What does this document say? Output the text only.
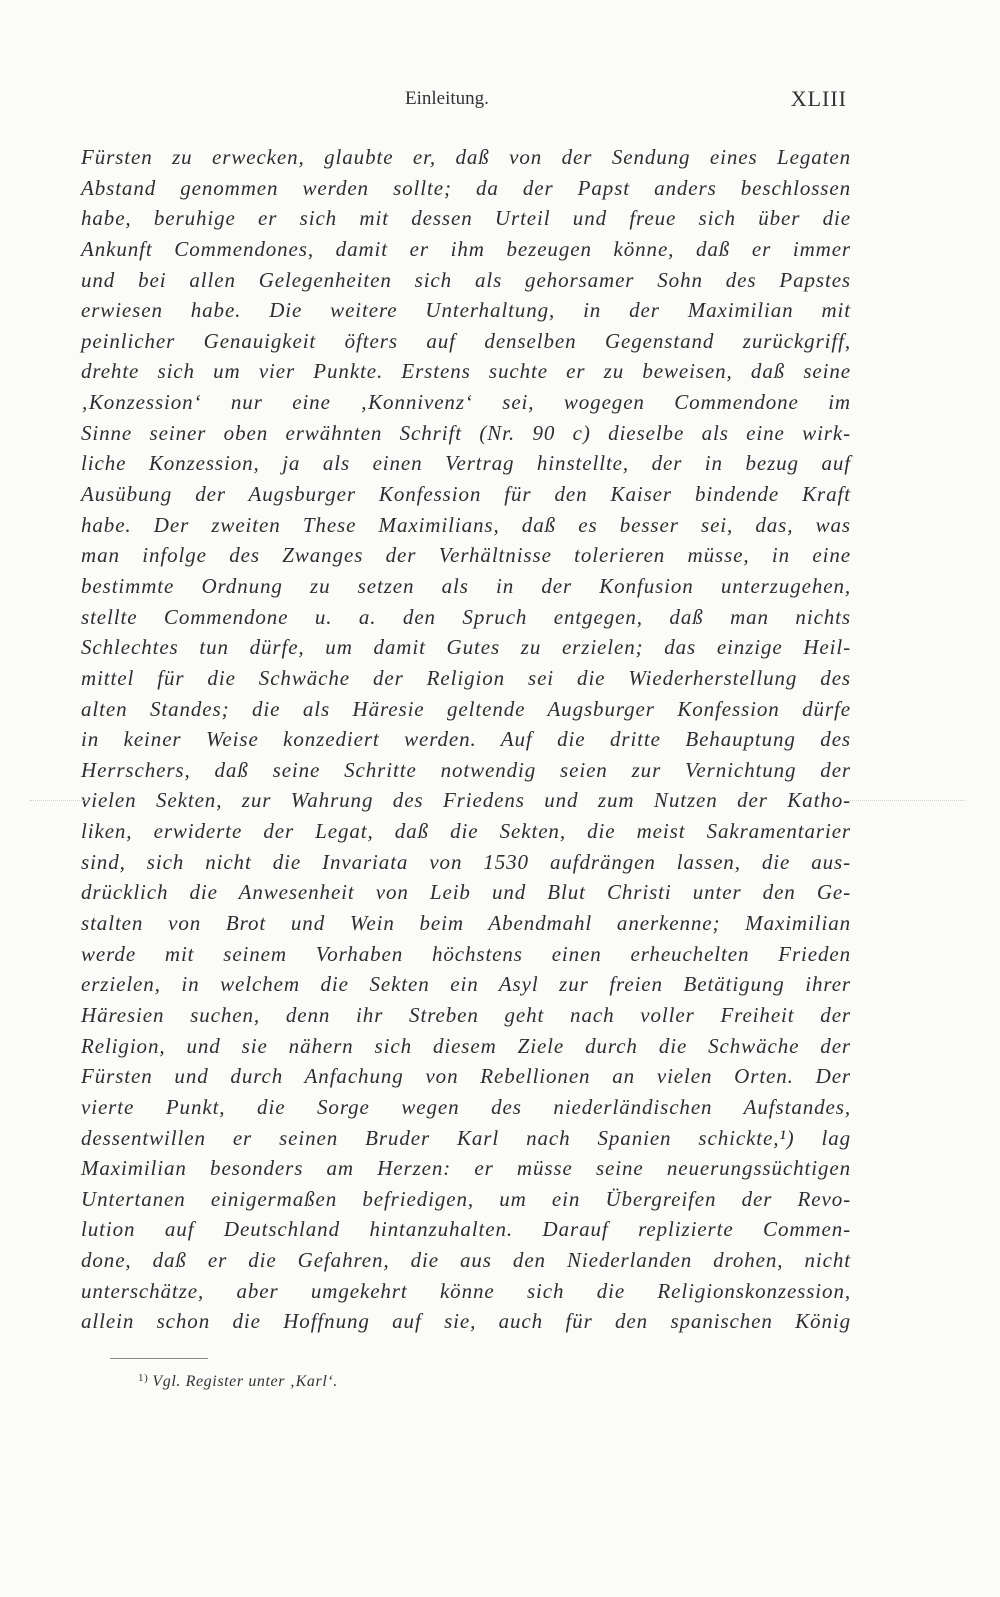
Einleitung.	XLIII
Fürsten zu erwecken, glaubte er, daß von der Sendung eines Legaten
Abstand genommen werden sollte; da der Papst anders beschlossen
habe, beruhige er sich mit dessen Urteil und freue sich über die
Ankunft Commendones, damit er ihm bezeugen könne, daß er immer
und bei allen Gelegenheiten sich als gehorsamer Sohn des Papstes
erwiesen habe. Die weitere Unterhaltung, in der Maximilian mit
peinlicher Genauigkeit öfters auf denselben Gegenstand zurückgriff,
drehte sich um vier Punkte. Erstens suchte er zu beweisen, daß seine
‚Konzession‘ nur eine ‚Konnivenz‘ sei, wogegen Commendone im
Sinne seiner oben erwähnten Schrift (Nr. 90 c) dieselbe als eine wirk-
liche Konzession, ja als einen Vertrag hinstellte, der in bezug auf
Ausübung der Augsburger Konfession für den Kaiser bindende Kraft
habe. Der zweiten These Maximilians, daß es besser sei, das, was
man infolge des Zwanges der Verhältnisse tolerieren müsse, in eine
bestimmte Ordnung zu setzen als in der Konfusion unterzugehen,
stellte Commendone u. a. den Spruch entgegen, daß man nichts
Schlechtes tun dürfe, um damit Gutes zu erzielen; das einzige Heil-
mittel für die Schwäche der Religion sei die Wiederherstellung des
alten Standes; die als Häresie geltende Augsburger Konfession dürfe
in keiner Weise konzediert werden. Auf die dritte Behauptung des
Herrschers, daß seine Schritte notwendig seien zur Vernichtung der
vielen Sekten, zur Wahrung des Friedens und zum Nutzen der Katho-
liken, erwiderte der Legat, daß die Sekten, die meist Sakramentarier
sind, sich nicht die Invariata von 1530 aufdrängen lassen, die aus-
drücklich die Anwesenheit von Leib und Blut Christi unter den Ge-
stalten von Brot und Wein beim Abendmahl anerkenne; Maximilian
werde mit seinem Vorhaben höchstens einen erheuchelten Frieden
erzielen, in welchem die Sekten ein Asyl zur freien Betätigung ihrer
Häresien suchen, denn ihr Streben geht nach voller Freiheit der
Religion, und sie nähern sich diesem Ziele durch die Schwäche der
Fürsten und durch Anfachung von Rebellionen an vielen Orten. Der
vierte Punkt, die Sorge wegen des niederländischen Aufstandes,
dessentwillen er seinen Bruder Karl nach Spanien schickte,¹) lag
Maximilian besonders am Herzen: er müsse seine neuerungssüchtigen
Untertanen einigermaßen befriedigen, um ein Übergreifen der Revo-
lution auf Deutschland hintanzuhalten. Darauf replizierte Commen-
done, daß er die Gefahren, die aus den Niederlanden drohen, nicht
unterschätze, aber umgekehrt könne sich die Religionskonzession,
allein schon die Hoffnung auf sie, auch für den spanischen König
$^{1)}$ Vgl. Register unter ‚Karl‘.
